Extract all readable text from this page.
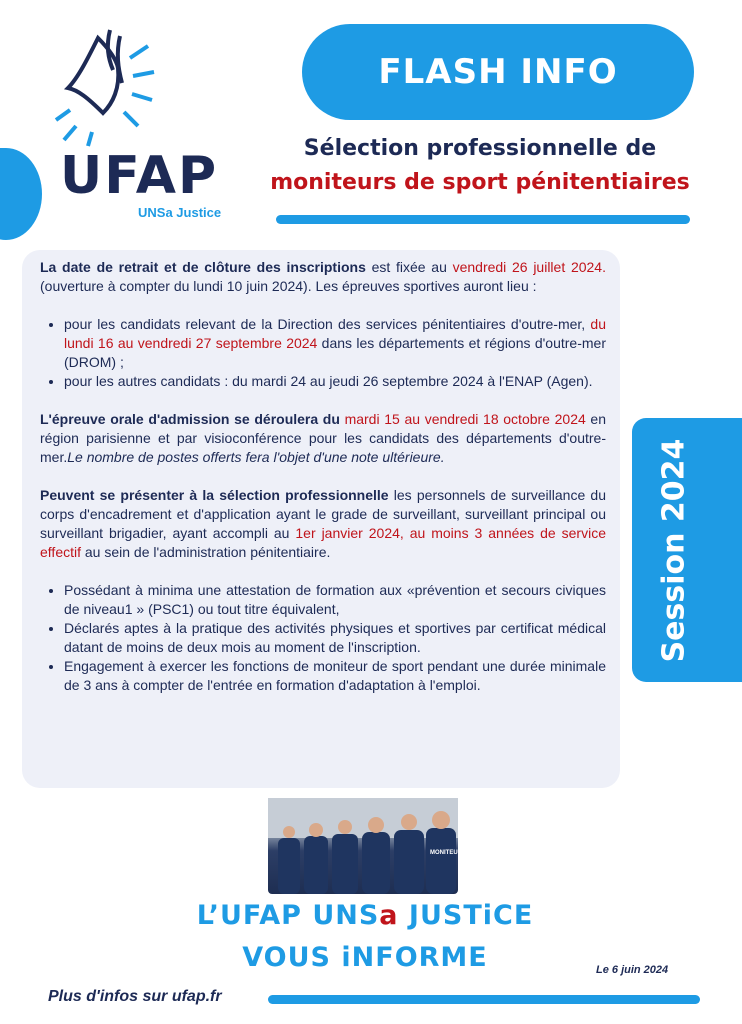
UFAP
UNSa Justice
FLASH INFO
Sélection professionnelle de
moniteurs de sport pénitentiaires
Session 2024

La date de retrait et de clôture des inscriptions est fixée au vendredi 26 juillet 2024. (ouverture à compter du lundi 10 juin 2024). Les épreuves sportives auront lieu :

• pour les candidats relevant de la Direction des services pénitentiaires d'outre-mer, du lundi 16 au vendredi 27 septembre 2024 dans les départements et régions d'outre-mer (DROM) ;
• pour les autres candidats : du mardi 24 au jeudi 26 septembre 2024 à l'ENAP (Agen).

L'épreuve orale d'admission se déroulera du mardi 15 au vendredi 18 octobre 2024 en région parisienne et par visioconférence pour les candidats des départements d'outre-mer.Le nombre de postes offerts fera l'objet d'une note ultérieure.

Peuvent se présenter à la sélection professionnelle les personnels de surveillance du corps d'encadrement et d'application ayant le grade de surveillant, surveillant principal ou surveillant brigadier, ayant accompli au 1er janvier 2024, au moins 3 années de service effectif au sein de l'administration pénitentiaire.

• Possédant à minima une attestation de formation aux «prévention et secours civiques de niveau1 » (PSC1) ou tout titre équivalent,
• Déclarés aptes à la pratique des activités physiques et sportives par certificat médical datant de moins de deux mois au moment de l'inscription.
• Engagement à exercer les fonctions de moniteur de sport pendant une durée minimale de 3 ans à compter de l'entrée en formation d'adaptation à l'emploi.
MONITEUR DE SPORT
L’UFAP UNSa JUSTiCE
VOUS iNFORME	Le 6 juin 2024
Plus d'infos sur ufap.fr
